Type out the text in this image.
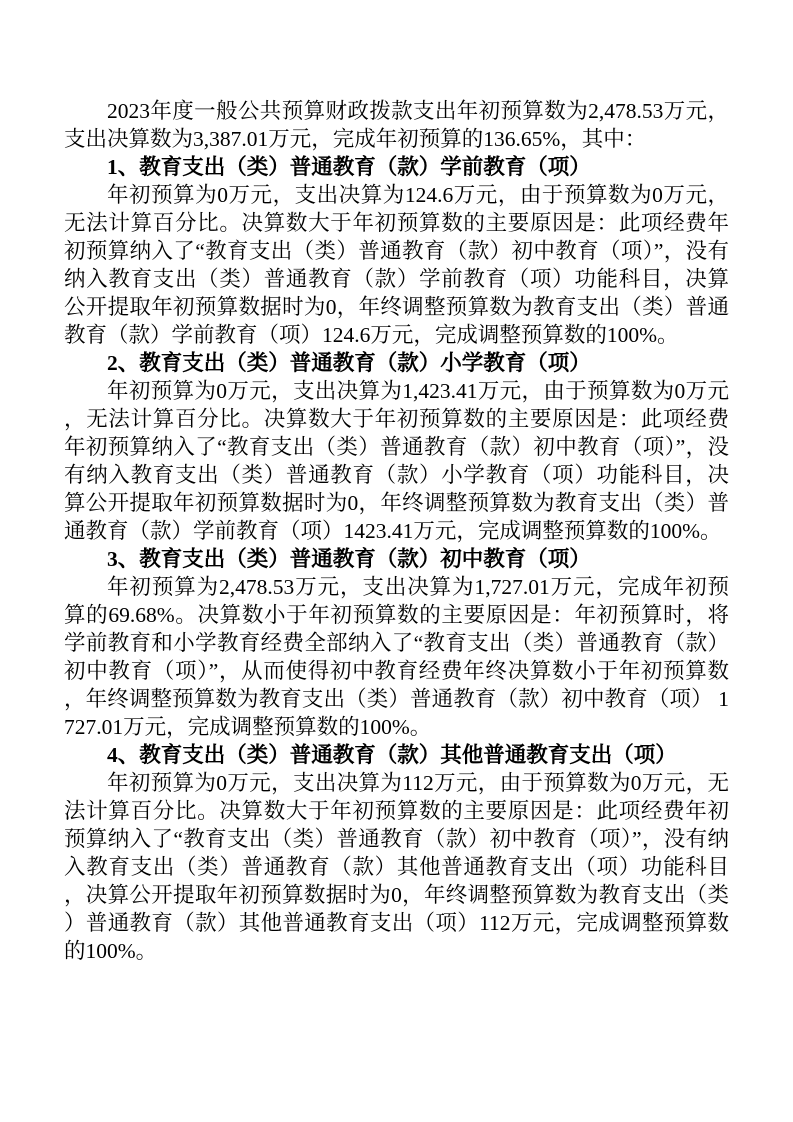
2023年度一般公共预算财政拨款支出年初预算数为2,478.53万元，支出决算数为3,387.01万元，完成年初预算的136.65%，其中：

1、教育支出（类）普通教育（款）学前教育（项）

年初预算为0万元，支出决算为124.6万元，由于预算数为0万元，无法计算百分比。决算数大于年初预算数的主要原因是：此项经费年初预算纳入了“教育支出（类）普通教育（款）初中教育（项）”，没有纳入教育支出（类）普通教育（款）学前教育（项）功能科目，决算公开提取年初预算数据时为0，年终调整预算数为教育支出（类）普通教育（款）学前教育（项）124.6万元，完成调整预算数的100%。

2、教育支出（类）普通教育（款）小学教育（项）

年初预算为0万元，支出决算为1,423.41万元，由于预算数为0万元，无法计算百分比。决算数大于年初预算数的主要原因是：此项经费年初预算纳入了“教育支出（类）普通教育（款）初中教育（项）”，没有纳入教育支出（类）普通教育（款）小学教育（项）功能科目，决算公开提取年初预算数据时为0，年终调整预算数为教育支出（类）普通教育（款）学前教育（项）1423.41万元，完成调整预算数的100%。

3、教育支出（类）普通教育（款）初中教育（项）

年初预算为2,478.53万元，支出决算为1,727.01万元，完成年初预算的69.68%。决算数小于年初预算数的主要原因是：年初预算时，将学前教育和小学教育经费全部纳入了“教育支出（类）普通教育（款）初中教育（项）”，从而使得初中教育经费年终决算数小于年初预算数，年终调整预算数为教育支出（类）普通教育（款）初中教育（项） 1727.01万元，完成调整预算数的100%。

4、教育支出（类）普通教育（款）其他普通教育支出（项）

年初预算为0万元，支出决算为112万元，由于预算数为0万元，无法计算百分比。决算数大于年初预算数的主要原因是：此项经费年初预算纳入了“教育支出（类）普通教育（款）初中教育（项）”，没有纳入教育支出（类）普通教育（款）其他普通教育支出（项）功能科目，决算公开提取年初预算数据时为0，年终调整预算数为教育支出（类）普通教育（款）其他普通教育支出（项）112万元，完成调整预算数的100%。
